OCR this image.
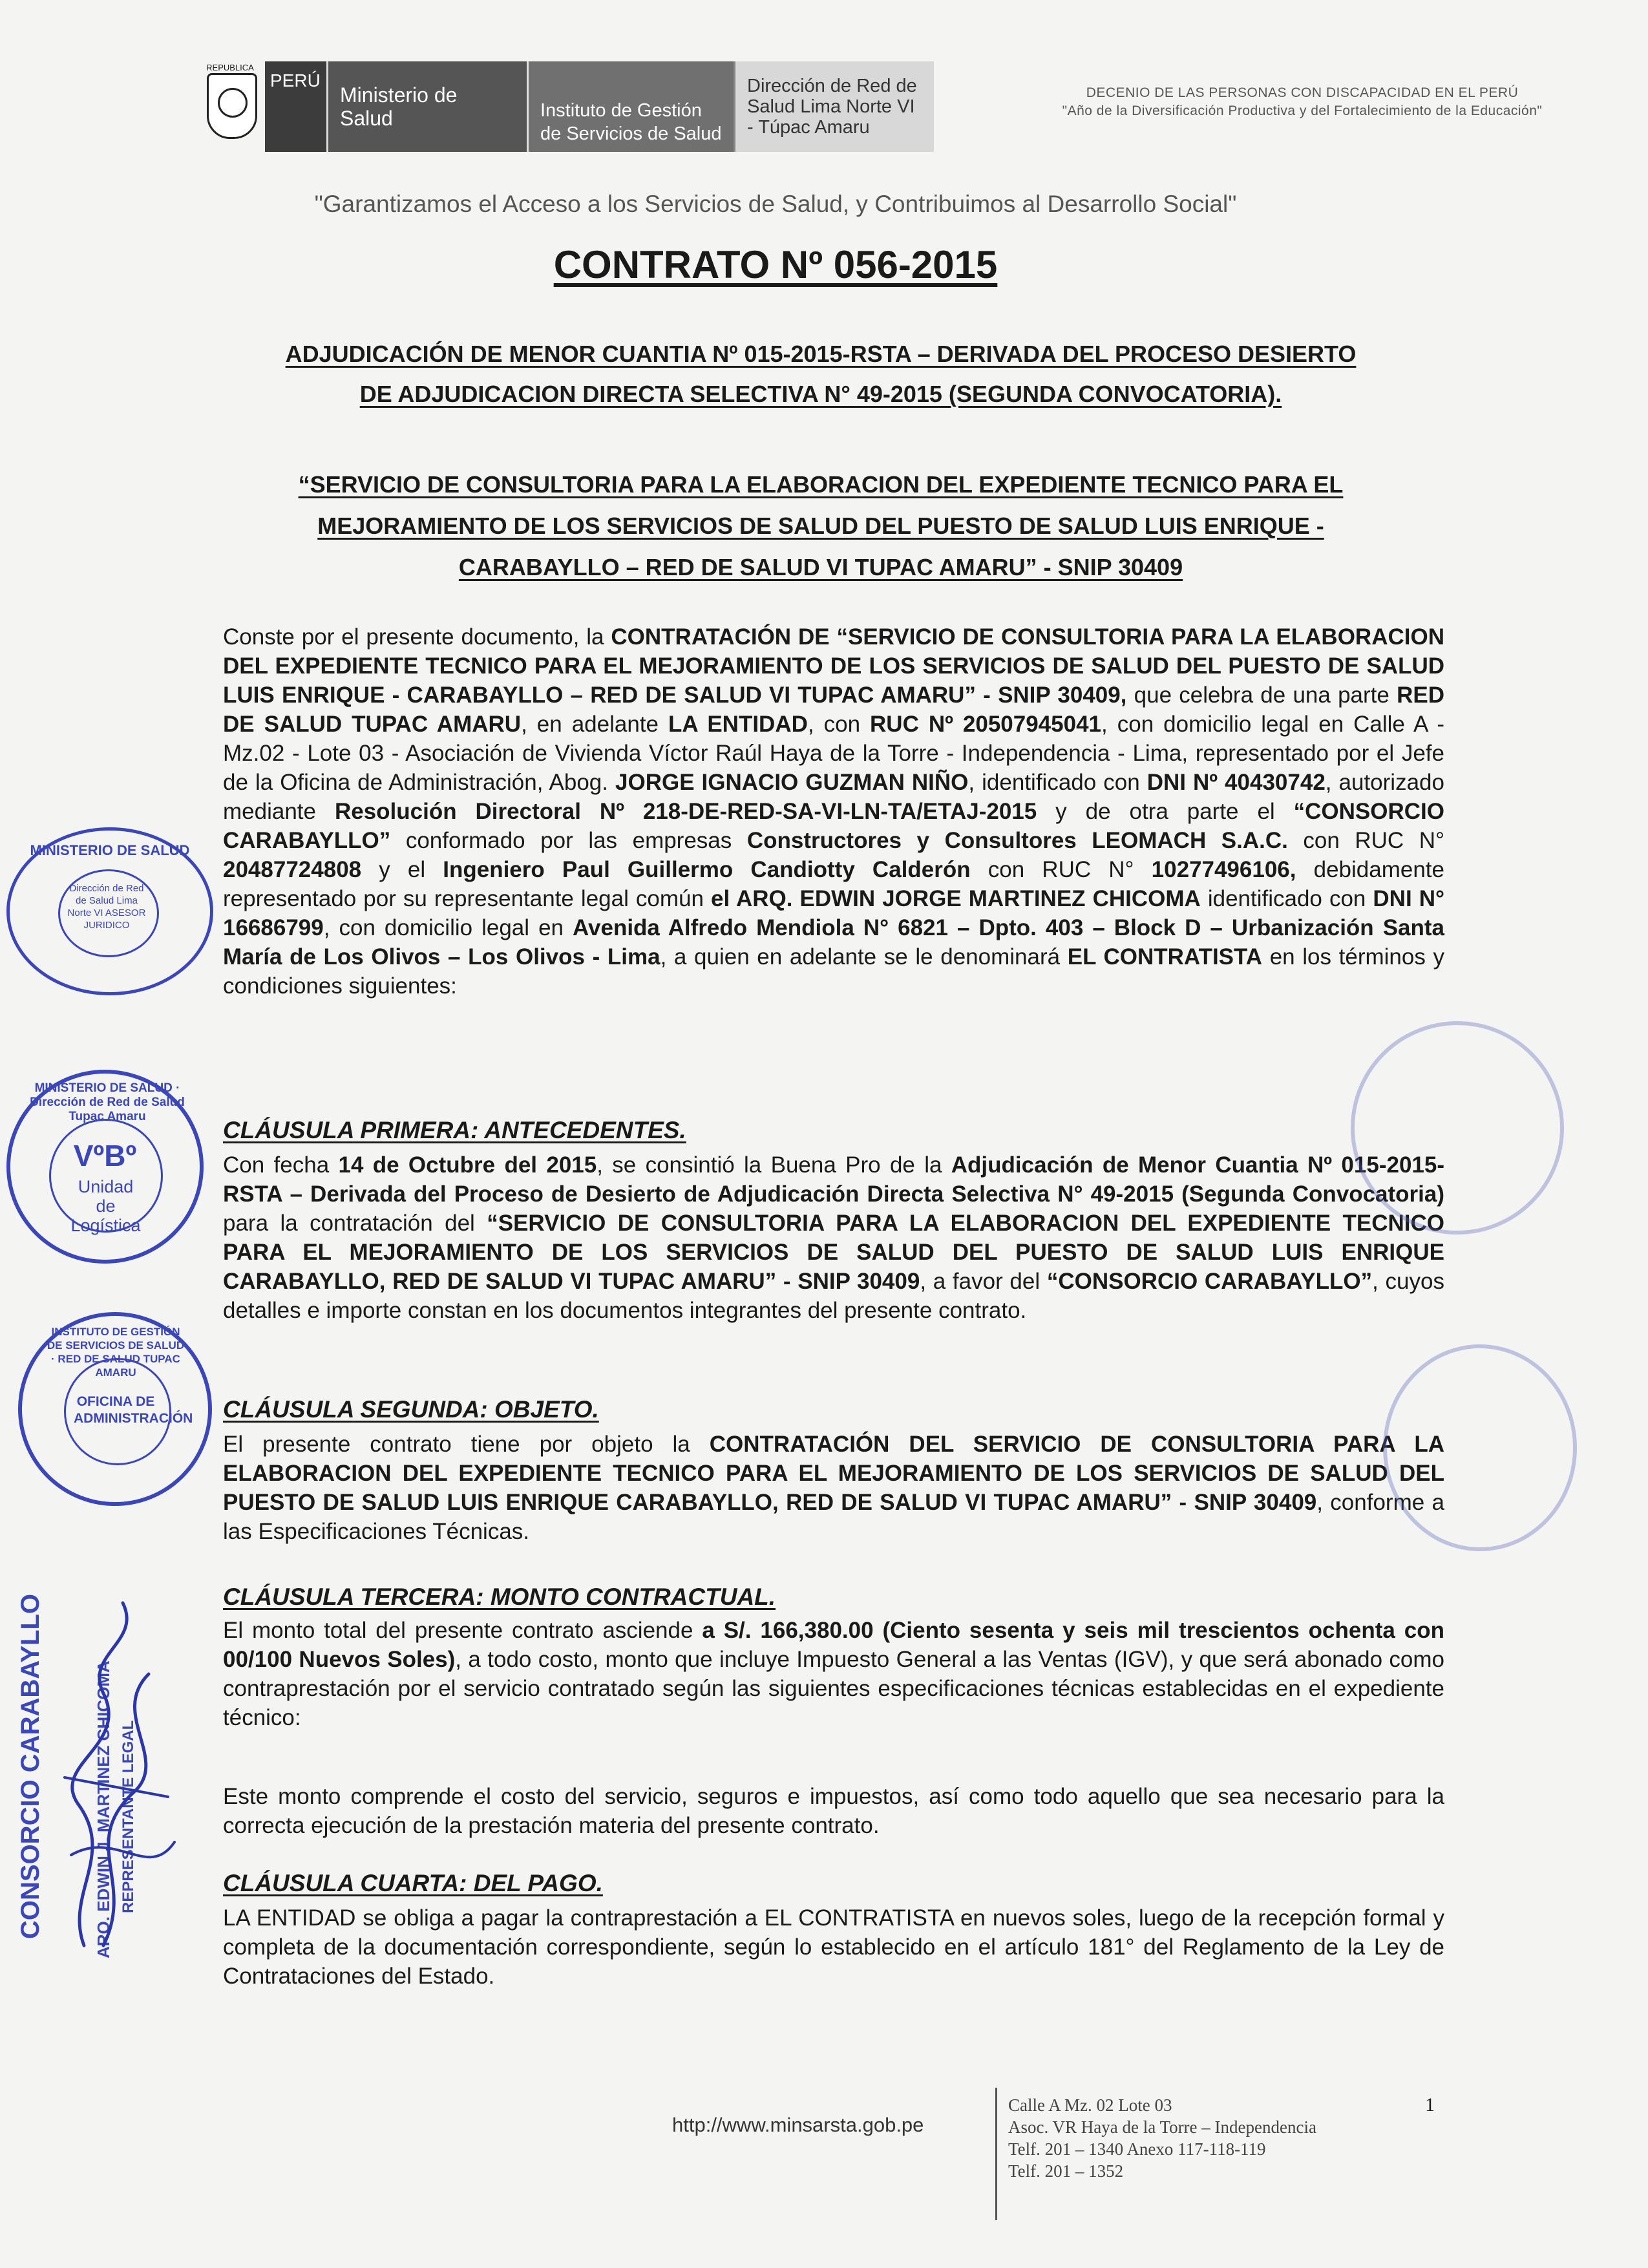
REPUBLICA
PERÚ
Ministerio de Salud	Instituto de Gestión de Servicios de Salud
Dirección de Red de Salud Lima Norte VI - Túpac Amaru
DECENIO DE LAS PERSONAS CON DISCAPACIDAD EN EL PERÚ
"Año de la Diversificación Productiva y del Fortalecimiento de la Educación"
"Garantizamos el Acceso a los Servicios de Salud, y Contribuimos al Desarrollo Social"
CONTRATO Nº 056-2015
ADJUDICACIÓN DE MENOR CUANTIA Nº 015-2015-RSTA – DERIVADA DEL PROCESO DESIERTO
DE ADJUDICACION DIRECTA SELECTIVA N° 49-2015 (SEGUNDA CONVOCATORIA).
“SERVICIO DE CONSULTORIA PARA LA ELABORACION DEL EXPEDIENTE TECNICO PARA EL
MEJORAMIENTO DE LOS SERVICIOS DE SALUD DEL PUESTO DE SALUD LUIS ENRIQUE -
CARABAYLLO – RED DE SALUD VI TUPAC AMARU” - SNIP 30409
Conste por el presente documento, la CONTRATACIÓN DE “SERVICIO DE CONSULTORIA PARA LA ELABORACION DEL EXPEDIENTE TECNICO PARA EL MEJORAMIENTO DE LOS SERVICIOS DE SALUD DEL PUESTO DE SALUD LUIS ENRIQUE - CARABAYLLO – RED DE SALUD VI TUPAC AMARU” - SNIP 30409, que celebra de una parte RED DE SALUD TUPAC AMARU, en adelante LA ENTIDAD, con RUC Nº 20507945041, con domicilio legal en Calle A - Mz.02 - Lote 03 - Asociación de Vivienda Víctor Raúl Haya de la Torre - Independencia - Lima, representado por el Jefe de la Oficina de Administración, Abog. JORGE IGNACIO GUZMAN NIÑO, identificado con DNI Nº 40430742, autorizado mediante Resolución Directoral Nº 218-DE-RED-SA-VI-LN-TA/ETAJ-2015 y de otra parte el “CONSORCIO CARABAYLLO” conformado por las empresas Constructores y Consultores LEOMACH S.A.C. con RUC N° 20487724808 y el Ingeniero Paul Guillermo Candiotty Calderón con RUC N° 10277496106, debidamente representado por su representante legal común el ARQ. EDWIN JORGE MARTINEZ CHICOMA identificado con DNI N° 16686799, con domicilio legal en Avenida Alfredo Mendiola N° 6821 – Dpto. 403 – Block D – Urbanización Santa María de Los Olivos – Los Olivos - Lima, a quien en adelante se le denominará EL CONTRATISTA en los términos y condiciones siguientes:
CLÁUSULA PRIMERA: ANTECEDENTES.
Con fecha 14 de Octubre del 2015, se consintió la Buena Pro de la Adjudicación de Menor Cuantia Nº 015-2015-RSTA – Derivada del Proceso de Desierto de Adjudicación Directa Selectiva N° 49-2015 (Segunda Convocatoria) para la contratación del “SERVICIO DE CONSULTORIA PARA LA ELABORACION DEL EXPEDIENTE TECNICO PARA EL MEJORAMIENTO DE LOS SERVICIOS DE SALUD DEL PUESTO DE SALUD LUIS ENRIQUE CARABAYLLO, RED DE SALUD VI TUPAC AMARU” - SNIP 30409, a favor del “CONSORCIO CARABAYLLO”, cuyos detalles e importe constan en los documentos integrantes del presente contrato.
CLÁUSULA SEGUNDA: OBJETO.
El presente contrato tiene por objeto la CONTRATACIÓN DEL SERVICIO DE CONSULTORIA PARA LA ELABORACION DEL EXPEDIENTE TECNICO PARA EL MEJORAMIENTO DE LOS SERVICIOS DE SALUD DEL PUESTO DE SALUD LUIS ENRIQUE CARABAYLLO, RED DE SALUD VI TUPAC AMARU” - SNIP 30409, conforme a las Especificaciones Técnicas.
CLÁUSULA TERCERA: MONTO CONTRACTUAL.
El monto total del presente contrato asciende a S/. 166,380.00 (Ciento sesenta y seis mil trescientos ochenta con 00/100 Nuevos Soles), a todo costo, monto que incluye Impuesto General a las Ventas (IGV), y que será abonado como contraprestación por el servicio contratado según las siguientes especificaciones técnicas establecidas en el expediente técnico:
Este monto comprende el costo del servicio, seguros e impuestos, así como todo aquello que sea necesario para la correcta ejecución de la prestación materia del presente contrato.
CLÁUSULA CUARTA: DEL PAGO.
LA ENTIDAD se obliga a pagar la contraprestación a EL CONTRATISTA en nuevos soles, luego de la recepción formal y completa de la documentación correspondiente, según lo establecido en el artículo 181° del Reglamento de la Ley de Contrataciones del Estado.
MINISTERIO DE SALUD
Dirección de Red de Salud Lima Norte VI ASESOR JURIDICO
MINISTERIO DE SALUD · Dirección de Red de Salud Tupac Amaru
VºBº
Unidad de Logística
INSTITUTO DE GESTIÓN DE SERVICIOS DE SALUD · RED DE SALUD TUPAC AMARU
OFICINA DE ADMINISTRACIÓN
CONSORCIO CARABAYLLO	ARQ. EDWIN J. MARTINEZ CHICOMA REPRESENTANTE LEGAL
http://www.minsarsta.gob.pe
Calle A Mz. 02 Lote 03
Asoc. VR Haya de la Torre – Independencia
Telf. 201 – 1340 Anexo 117-118-119
Telf. 201 – 1352
1
